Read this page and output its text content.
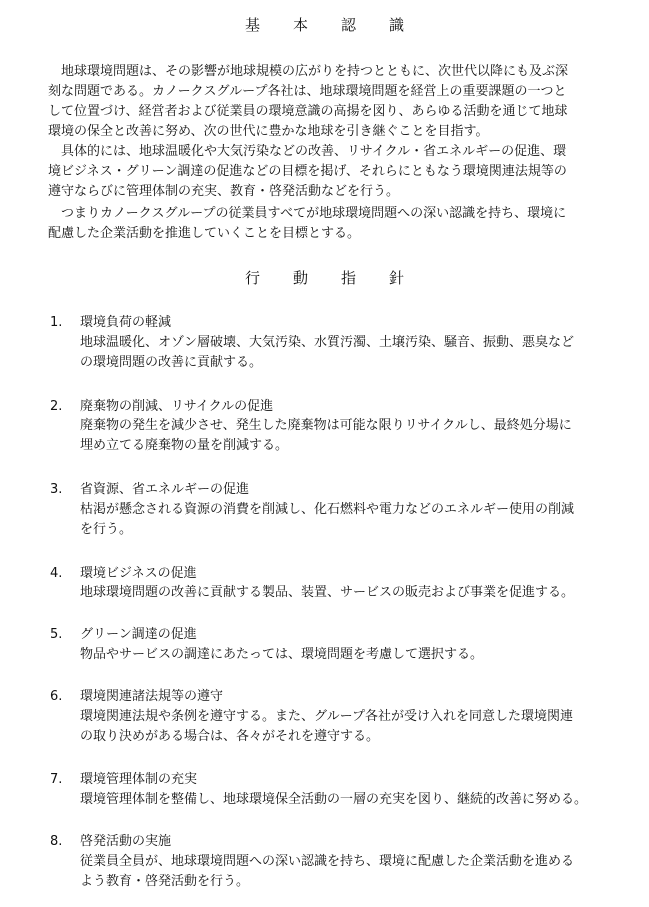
基　本　認　識
　地球環境問題は、その影響が地球規模の広がりを持つとともに、次世代以降にも及ぶ深
刻な問題である。カノークスグループ各社は、地球環境問題を経営上の重要課題の一つと
して位置づけ、経営者および従業員の環境意識の高揚を図り、あらゆる活動を通じて地球
環境の保全と改善に努め、次の世代に豊かな地球を引き継ぐことを目指す。
　具体的には、地球温暖化や大気汚染などの改善、リサイクル・省エネルギーの促進、環
境ビジネス・グリーン調達の促進などの目標を掲げ、それらにともなう環境関連法規等の
遵守ならびに管理体制の充実、教育・啓発活動などを行う。
　つまりカノークスグループの従業員すべてが地球環境問題への深い認識を持ち、環境に
配慮した企業活動を推進していくことを目標とする。
行　動　指　針
1. 環境負荷の軽減
地球温暖化、オゾン層破壊、大気汚染、水質汚濁、土壌汚染、騒音、振動、悪臭など
の環境問題の改善に貢献する。
2. 廃棄物の削減、リサイクルの促進
廃棄物の発生を減少させ、発生した廃棄物は可能な限りリサイクルし、最終処分場に
埋め立てる廃棄物の量を削減する。
3. 省資源、省エネルギーの促進
枯渇が懸念される資源の消費を削減し、化石燃料や電力などのエネルギー使用の削減
を行う。
4. 環境ビジネスの促進
地球環境問題の改善に貢献する製品、装置、サービスの販売および事業を促進する。
5. グリーン調達の促進
物品やサービスの調達にあたっては、環境問題を考慮して選択する。
6. 環境関連諸法規等の遵守
環境関連法規や条例を遵守する。また、グループ各社が受け入れを同意した環境関連
の取り決めがある場合は、各々がそれを遵守する。
7. 環境管理体制の充実
環境管理体制を整備し、地球環境保全活動の一層の充実を図り、継続的改善に努める。
8. 啓発活動の実施
従業員全員が、地球環境問題への深い認識を持ち、環境に配慮した企業活動を進める
よう教育・啓発活動を行う。
